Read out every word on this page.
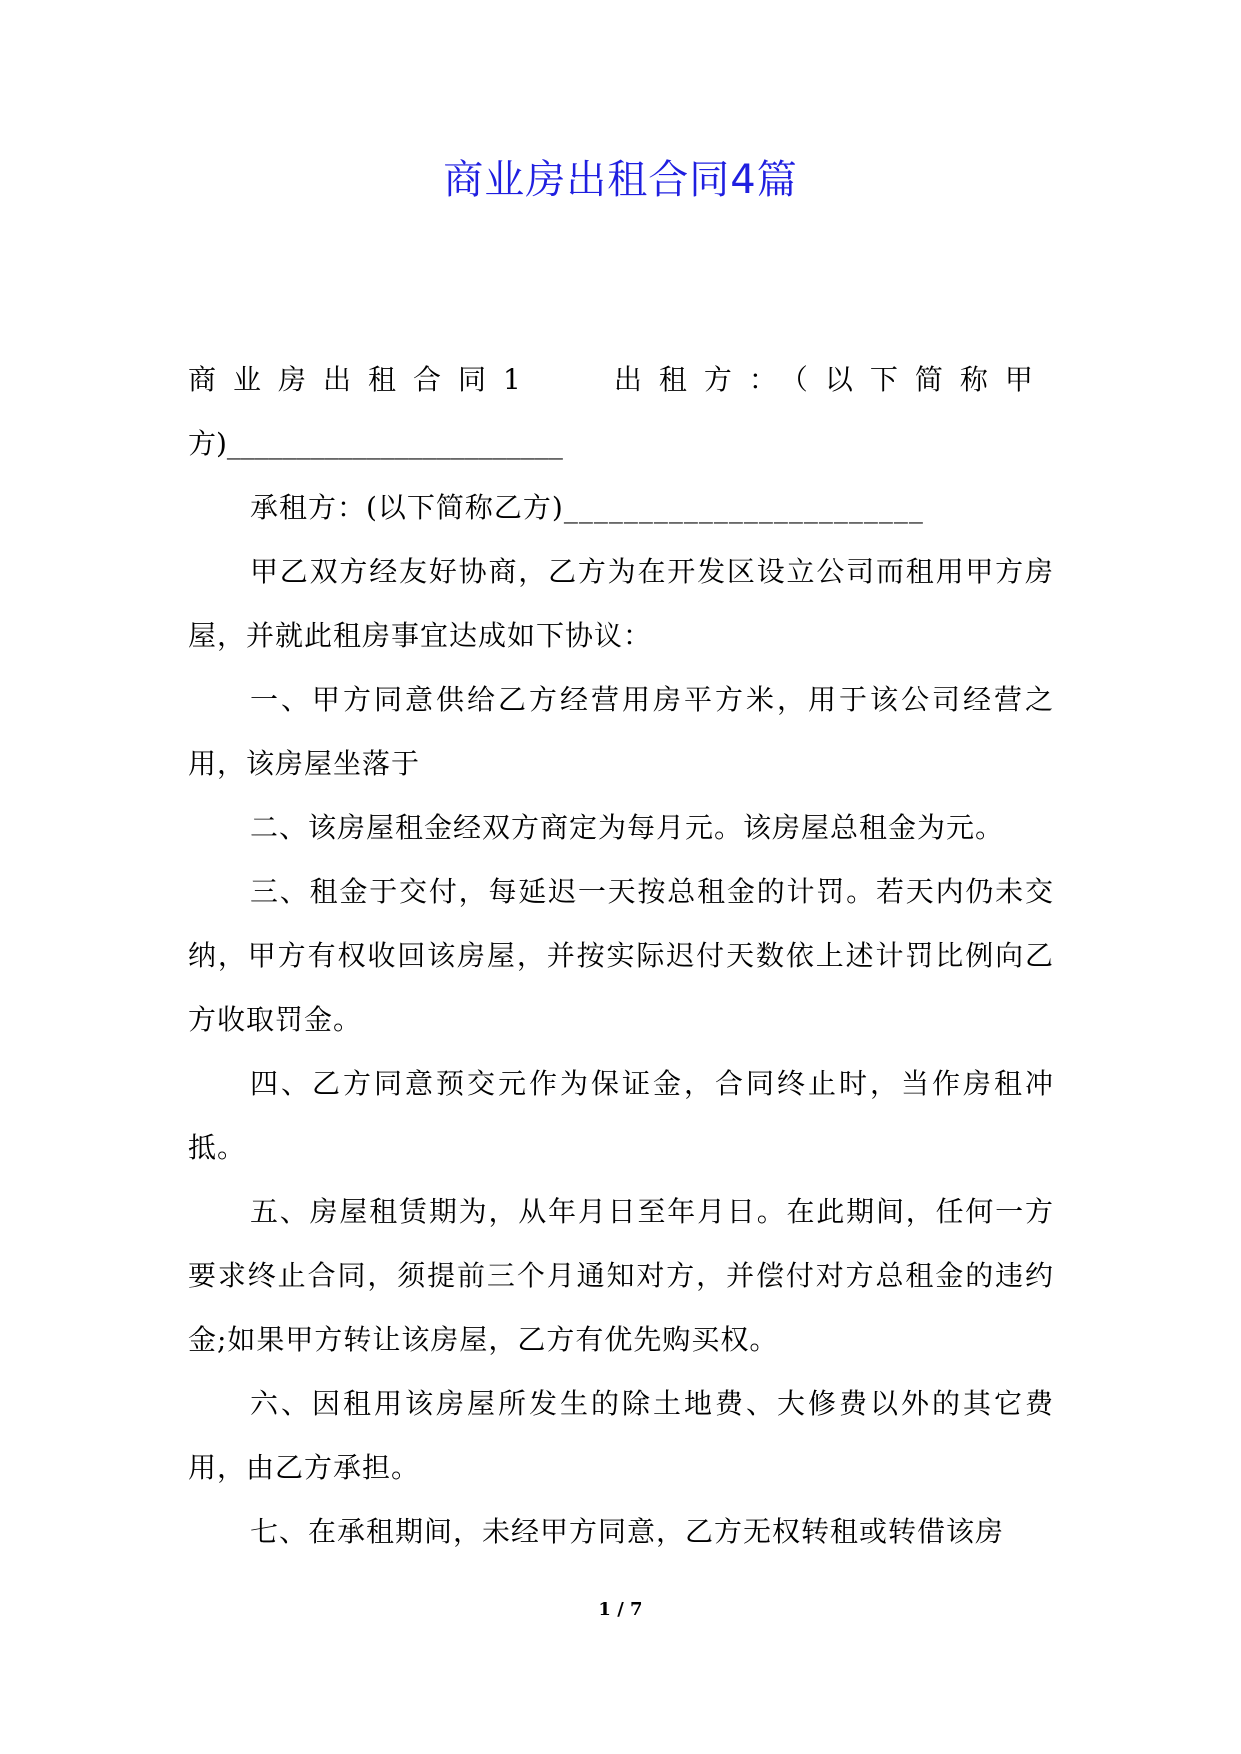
商业房出租合同4篇

商业房出租合同1	出租方：（以下简称甲
方)________________________

承租方：(以下简称乙方)________________________

甲乙双方经友好协商，乙方为在开发区设立公司而租用甲方房屋，并就此租房事宜达成如下协议：

一、甲方同意供给乙方经营用房平方米，用于该公司经营之用，该房屋坐落于

二、该房屋租金经双方商定为每月元。该房屋总租金为元。

三、租金于交付，每延迟一天按总租金的计罚。若天内仍未交纳，甲方有权收回该房屋，并按实际迟付天数依上述计罚比例向乙方收取罚金。

四、乙方同意预交元作为保证金，合同终止时，当作房租冲抵。

五、房屋租赁期为，从年月日至年月日。在此期间，任何一方要求终止合同，须提前三个月通知对方，并偿付对方总租金的违约金;如果甲方转让该房屋，乙方有优先购买权。

六、因租用该房屋所发生的除土地费、大修费以外的其它费用，由乙方承担。

七、在承租期间，未经甲方同意，乙方无权转租或转借该房

1 / 7
